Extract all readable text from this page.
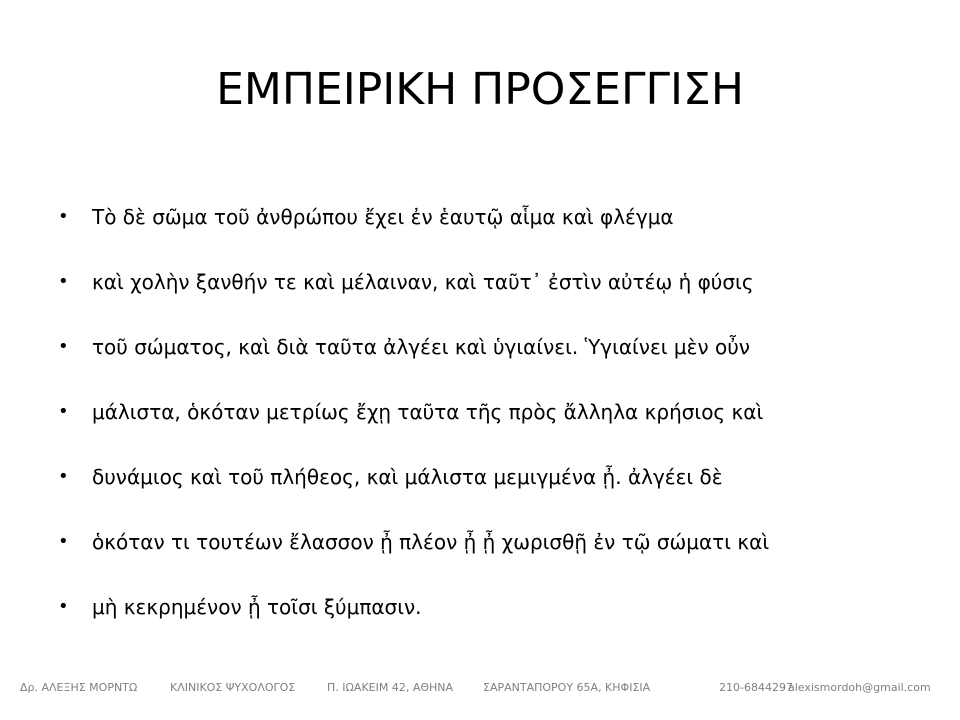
ΕΜΠΕΙΡΙΚΗ ΠΡΟΣΕΓΓΙΣΗ
•	Τὸ δὲ σῶμα τοῦ ἀνθρώπου ἔχει ἐν ἑαυτῷ αἷμα καὶ φλέγμα
•	καὶ χολὴν ξανθήν τε καὶ μέλαιναν, καὶ ταῦτ᾽ ἐστὶν αὐτέῳ ἡ φύσις
•	τοῦ σώματος, καὶ διὰ ταῦτα ἀλγέει καὶ ὑγιαίνει. Ὑγιαίνει μὲν οὖν
•	μάλιστα, ὁκόταν μετρίως ἔχῃ ταῦτα τῆς πρὸς ἄλληλα κρήσιος καὶ
•	δυνάμιος καὶ τοῦ πλήθεος, καὶ μάλιστα μεμιγμένα ᾖ. ἀλγέει δὲ
•	ὁκόταν τι τουτέων ἔλασσον ᾖ πλέον ᾖ ᾖ χωρισθῇ ἐν τῷ σώματι καὶ
•	μὴ κεκρημένον ᾖ τοῖσι ξύμπασιν.
Δρ. ΑΛΕΞΗΣ ΜΟΡΝΤΩ	ΚΛΙΝΙΚΟΣ ΨΥΧΟΛΟΓΟΣ	Π. ΙΩΑΚΕΙΜ 42, ΑΘΗΝΑ	ΣΑΡΑΝΤΑΠΟΡΟΥ 65Α, ΚΗΦΙΣΙΑ	210-6844297
alexismordoh@gmail.com
